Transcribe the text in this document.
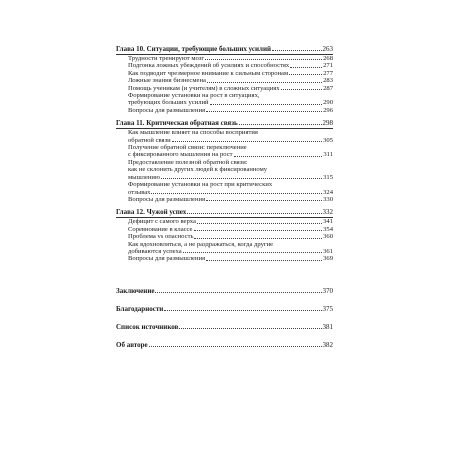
Глава 10. Ситуации, требующие больших усилий	263
Трудности тренируют мозг	268
Подгонка ложных убеждений об усилиях и способностях	271
Как подводит чрезмерное внимание к сильным сторонам	277
Ложные знания бизнесмена	283
Помощь ученикам (и учителям) в сложных ситуациях	287
Формирование установки на рост в ситуациях,
требующих больших усилий	290
Вопросы для размышления	296
Глава 11. Критическая обратная связь	298
Как мышление влияет на способы восприятия
обратной связи	305
Получение обратной связи: переключение
с фиксированного мышления на рост	311
Предоставление полезной обратной связи:
как не склонить других людей к фиксированному
мышлению	315
Формирование установки на рост при критических
отзывах	324
Вопросы для размышления	330
Глава 12. Чужой успех	332
Дефицит с самого верха	341
Соревнование в классе	354
Проблема vs опасность	360
Как вдохновляться, а не раздражаться, когда другие
добиваются успеха	361
Вопросы для размышления	369
Заключение	370
Благодарности	375
Список источников	381
Об авторе	382
